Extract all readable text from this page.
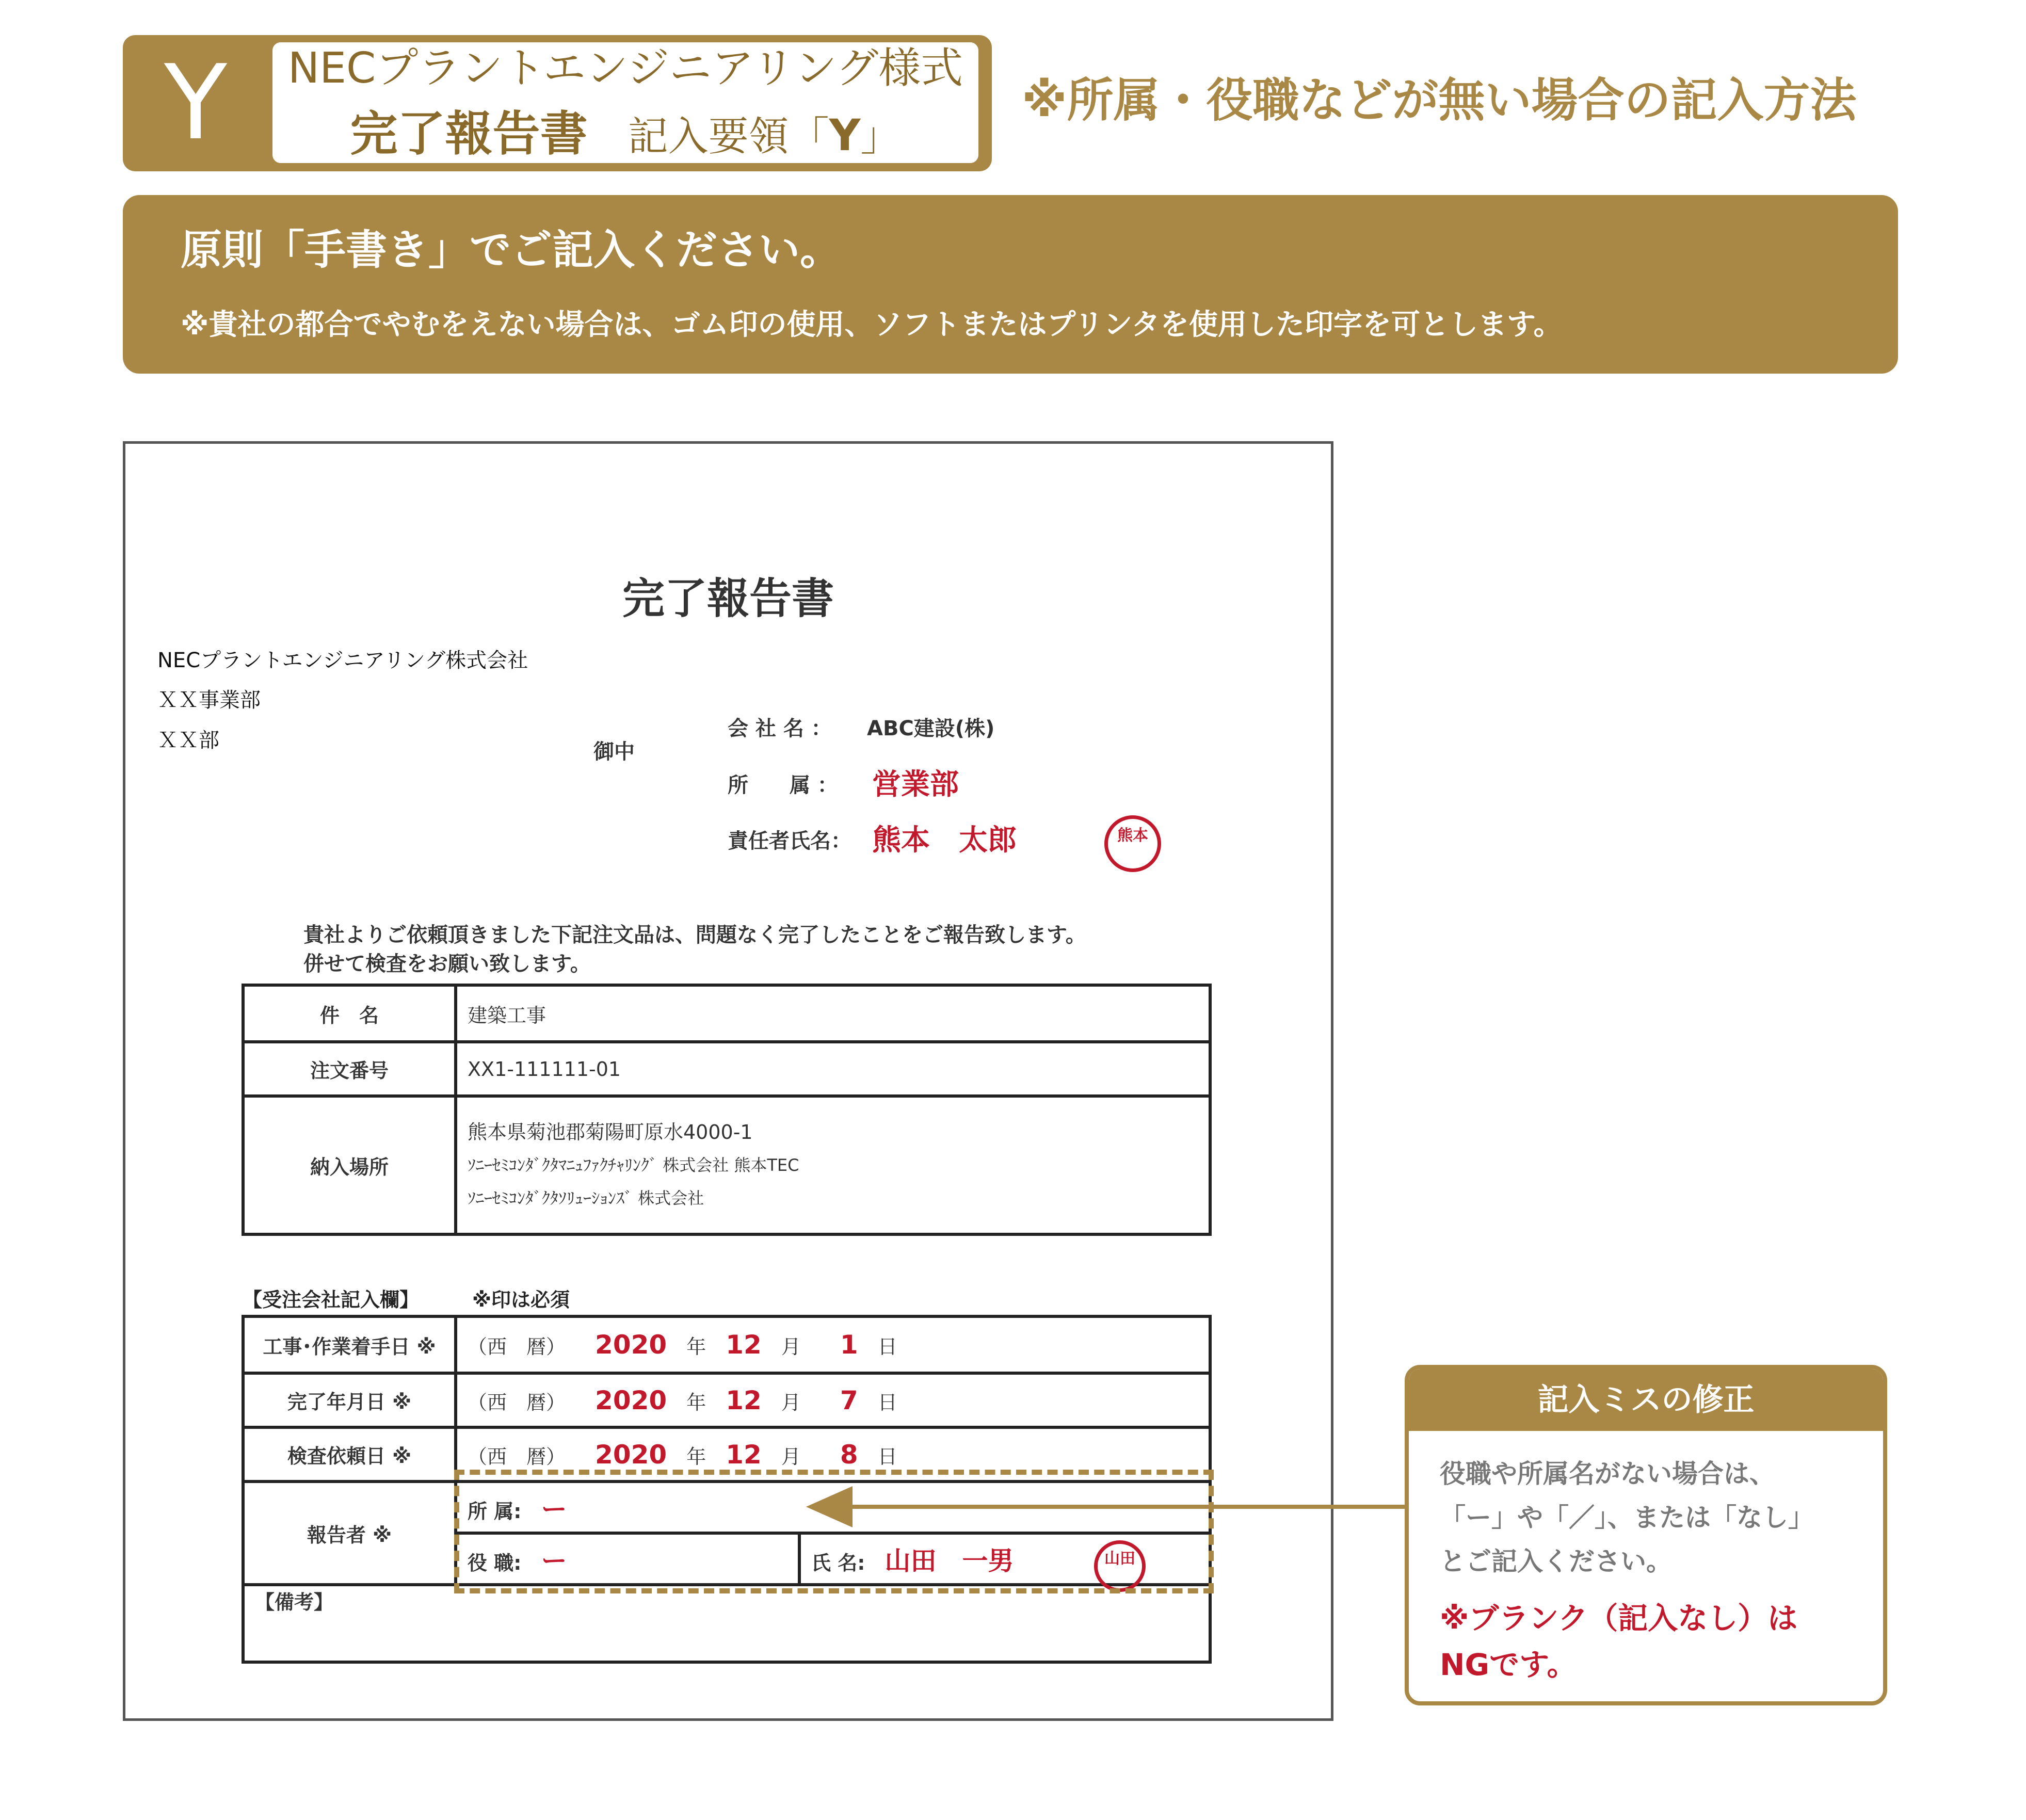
Y	NECプラントエンジニアリング様式
完了報告書　 記入要領「Y」
※所属・役職などが無い場合の記入方法
原則「手書き」でご記入ください。
※貴社の都合でやむをえない場合は、ゴム印の使用、ソフトまたはプリンタを使用した印字を可とします。
完了報告書
NECプラントエンジニアリング株式会社
ＸＸ事業部
ＸＸ部	御中
会 社 名 ： ABC建設(株)
所　　属 ： 営業部
責任者氏名： 熊本　太郎	熊本
貴社よりご依頼頂きました下記注文品は、問題なく完了したことをご報告致します。
併せて検査をお願い致します。
件　名	建築工事
注文番号	XX1-111111-01
納入場所	熊本県菊池郡菊陽町原水4000-1
ｿﾆｰｾﾐｺﾝﾀﾞｸﾀﾏﾆｭﾌｧｸﾁｬﾘﾝｸﾞ 株式会社 熊本TEC
ｿﾆｰｾﾐｺﾝﾀﾞｸﾀｿﾘｭｰｼｮﾝｽﾞ 株式会社
【受注会社記入欄】	※印は必須
工事･作業着手日 ※	（西　暦）　　 2020　 年　 12　 月　　 1　 日	
完了年月日 ※	（西　暦）　　 2020　 年　 12　 月　　 7　 日	
検査依頼日 ※	（西　暦）　　 2020　 年　 12　 月　　 8　 日	
報告者 ※	所 属:　 ー	
	役 職:　 ー	氏 名:　 山田　一男
【備考】		
山田
記入ミスの修正
役職や所属名がない場合は、
「ー」や「／」、または「なし」
とご記入ください。
※ブランク（記入なし）は
NGです。
